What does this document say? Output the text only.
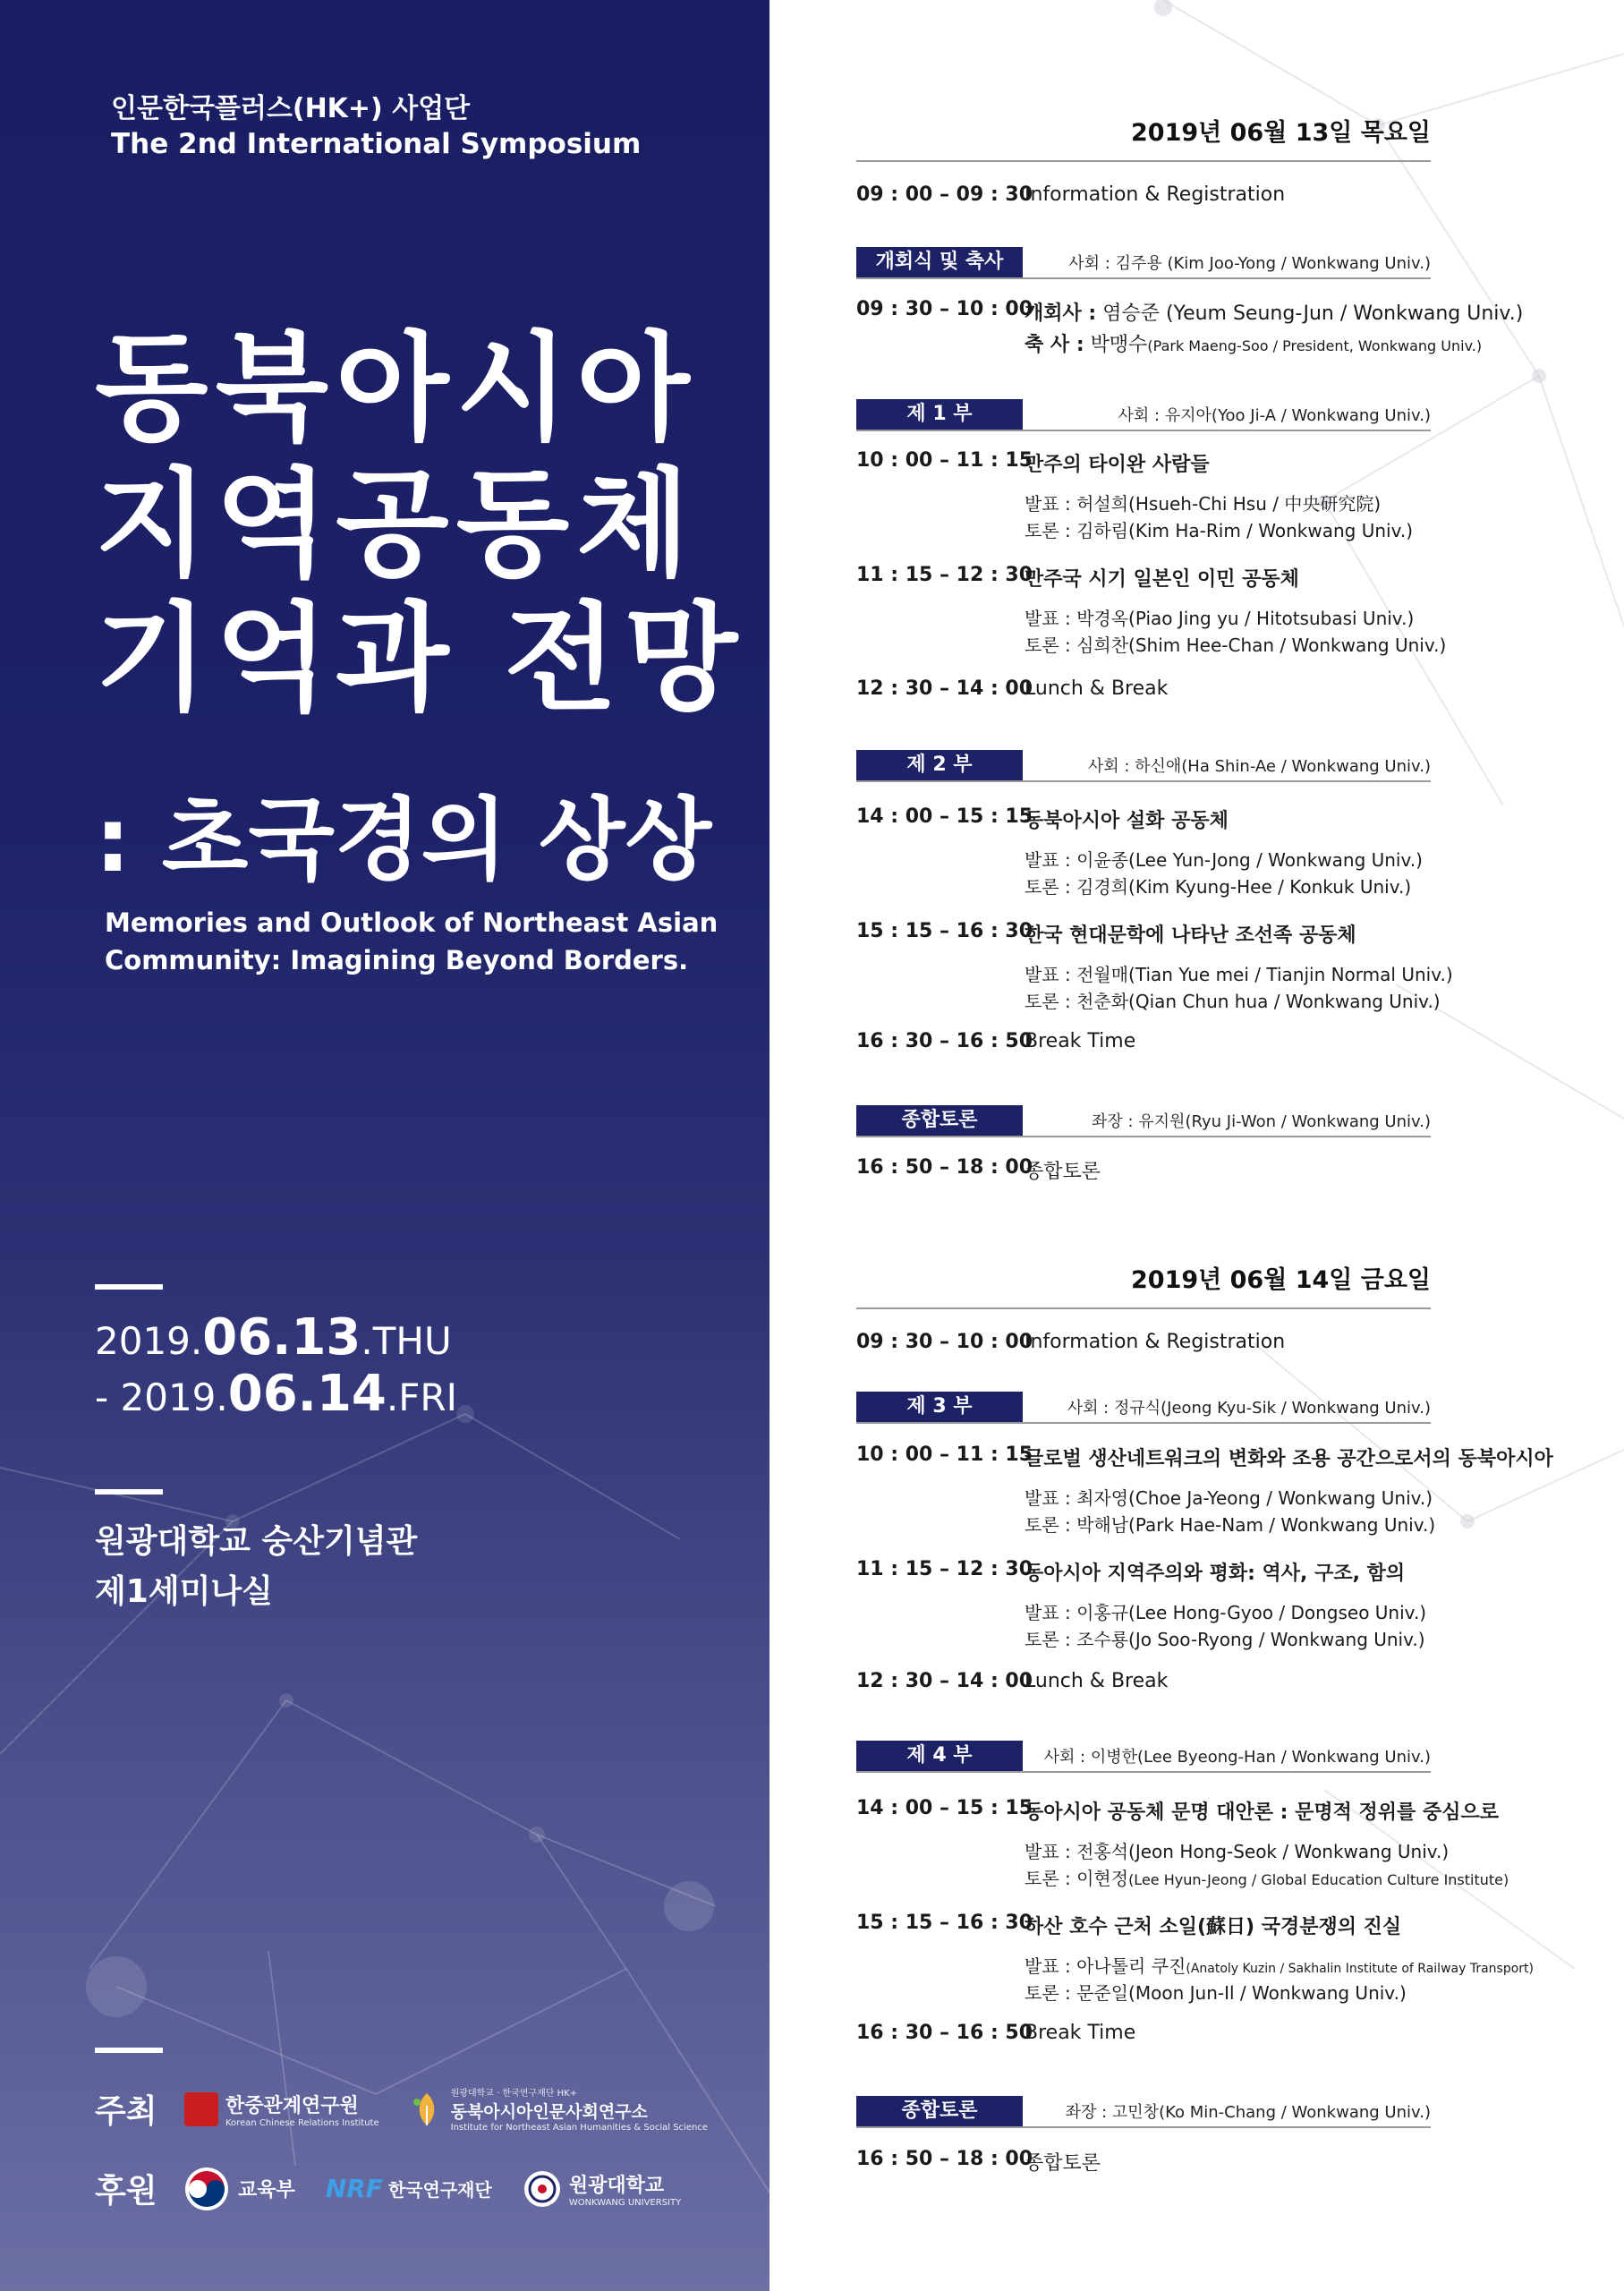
인문한국플러스(HK+) 사업단
The 2nd International Symposium
동북아시아
지역공동체
기억과 전망
: 초국경의 상상
Memories and Outlook of Northeast Asian
Community: Imagining Beyond Borders.
2019.06.13.THU
- 2019.06.14.FRI
원광대학교 숭산기념관
제1세미나실
주최	한중관계연구원
Korean Chinese Relations Institute
원광대학교 · 한국연구재단 HK+
동북아시아인문사회연구소
Institute for Northeast Asian Humanities & Social Science
후원	교육부 NRF 한국연구재단	원광대학교
WONKWANG UNIVERSITY
2019년 06월 13일 목요일
09 : 00 – 09 : 30
Information & Registration
개회식 및 축사	사회 : 김주용 (Kim Joo-Yong / Wonkwang Univ.)
09 : 30 – 10 : 00
개회사 : 염승준 (Yeum Seung-Jun / Wonkwang Univ.)
축 사 : 박맹수(Park Maeng-Soo / President, Wonkwang Univ.)
제 1 부	사회 : 유지아(Yoo Ji-A / Wonkwang Univ.)
10 : 00 – 11 : 15
만주의 타이완 사람들
발표 : 허설희(Hsueh-Chi Hsu / 中央研究院)
토론 : 김하림(Kim Ha-Rim / Wonkwang Univ.)
11 : 15 – 12 : 30
만주국 시기 일본인 이민 공동체
발표 : 박경옥(Piao Jing yu / Hitotsubasi Univ.)
토론 : 심희찬(Shim Hee-Chan / Wonkwang Univ.)
12 : 30 – 14 : 00
Lunch & Break
제 2 부	사회 : 하신애(Ha Shin-Ae / Wonkwang Univ.)
14 : 00 – 15 : 15
동북아시아 설화 공동체
발표 : 이윤종(Lee Yun-Jong / Wonkwang Univ.)
토론 : 김경희(Kim Kyung-Hee / Konkuk Univ.)
15 : 15 – 16 : 30
한국 현대문학에 나타난 조선족 공동체
발표 : 전월매(Tian Yue mei / Tianjin Normal Univ.)
토론 : 천춘화(Qian Chun hua / Wonkwang Univ.)
16 : 30 – 16 : 50
Break Time
종합토론	좌장 : 유지원(Ryu Ji-Won / Wonkwang Univ.)
16 : 50 – 18 : 00
종합토론
2019년 06월 14일 금요일
09 : 30 – 10 : 00
Information & Registration
제 3 부	사회 : 정규식(Jeong Kyu-Sik / Wonkwang Univ.)
10 : 00 – 11 : 15
글로벌 생산네트워크의 변화와 조용 공간으로서의 동북아시아
발표 : 최자영(Choe Ja-Yeong / Wonkwang Univ.)
토론 : 박해남(Park Hae-Nam / Wonkwang Univ.)
11 : 15 – 12 : 30
동아시아 지역주의와 평화: 역사, 구조, 함의
발표 : 이홍규(Lee Hong-Gyoo / Dongseo Univ.)
토론 : 조수룡(Jo Soo-Ryong / Wonkwang Univ.)
12 : 30 – 14 : 00
Lunch & Break
제 4 부	사회 : 이병한(Lee Byeong-Han / Wonkwang Univ.)
14 : 00 – 15 : 15
동아시아 공동체 문명 대안론 : 문명적 정위를 중심으로
발표 : 전홍석(Jeon Hong-Seok / Wonkwang Univ.)
토론 : 이현정(Lee Hyun-Jeong / Global Education Culture Institute)
15 : 15 – 16 : 30
하산 호수 근처 소일(蘇日) 국경분쟁의 진실
발표 : 아나톨리 쿠진(Anatoly Kuzin / Sakhalin Institute of Railway Transport)
토론 : 문준일(Moon Jun-Il / Wonkwang Univ.)
16 : 30 – 16 : 50
Break Time
종합토론	좌장 : 고민창(Ko Min-Chang / Wonkwang Univ.)
16 : 50 – 18 : 00
종합토론
